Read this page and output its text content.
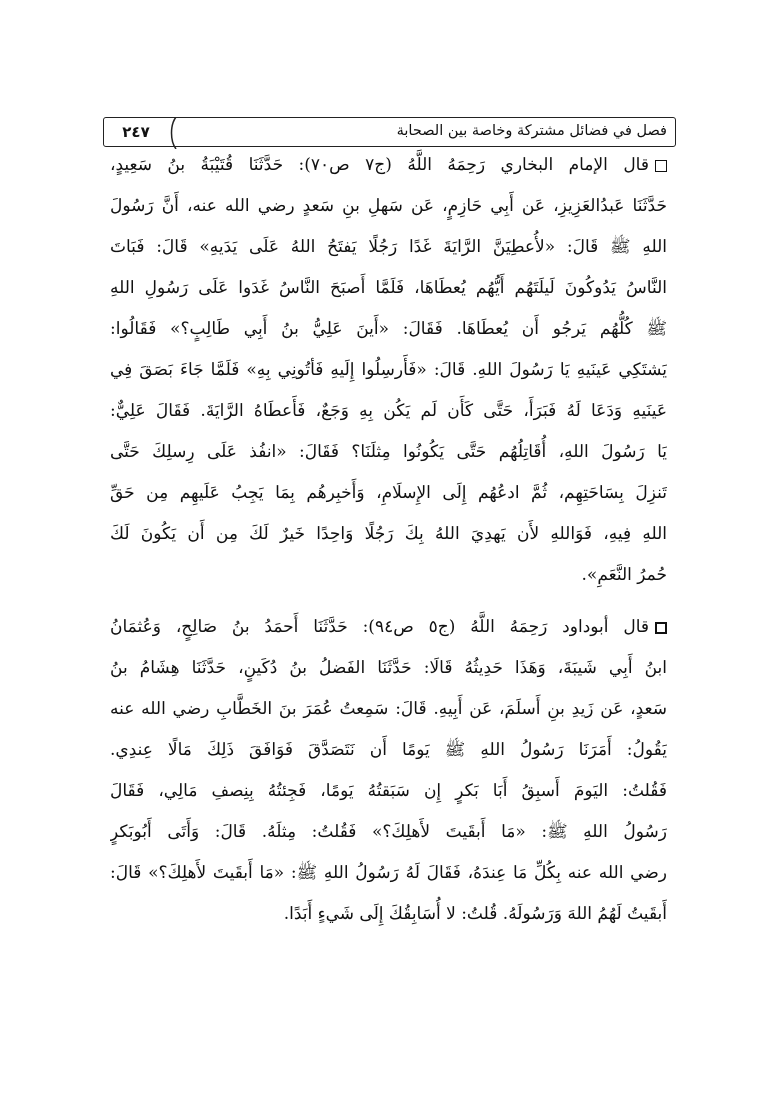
٢٤٧	فصل في فضائل مشتركة وخاصة بين الصحابة
قال الإمام البخاري رَحِمَهُ اللَّهُ (ج٧ ص٧٠): حَدَّثَنَا قُتَيْبَةُ بنُ سَعِيدٍ،
حَدَّثَنَا عَبدُالعَزِيزِ، عَن أَبِي حَازِمٍ، عَن سَهلِ بنِ سَعدٍ رضي الله عنه، أَنَّ رَسُولَ
اللهِ ﷺ قَالَ: «لأُعطِيَنَّ الرَّايَةَ غَدًا رَجُلًا يَفتَحُ اللهُ عَلَى يَدَيهِ» قَالَ: فَبَاتَ
النَّاسُ يَدُوكُونَ لَيلَتَهُم أَيُّهُم يُعطَاهَا، فَلَمَّا أَصبَحَ النَّاسُ غَدَوا عَلَى رَسُولِ اللهِ
ﷺ كُلُّهُم يَرجُو أَن يُعطَاهَا. فَقَالَ: «أَينَ عَلِيُّ بنُ أَبِي طَالِبٍ؟» فَقَالُوا:
يَشتَكِي عَينَيهِ يَا رَسُولَ اللهِ. قَالَ: «فَأَرسِلُوا إِلَيهِ فَأتُونِي بِهِ» فَلَمَّا جَاءَ بَصَقَ فِي
عَينَيهِ وَدَعَا لَهُ فَبَرَأَ، حَتَّى كَأَن لَم يَكُن بِهِ وَجَعٌ، فَأَعطَاهُ الرَّايَةَ. فَقَالَ عَلِيٌّ:
يَا رَسُولَ اللهِ، أُقَاتِلُهُم حَتَّى يَكُونُوا مِثلَنَا؟ فَقَالَ: «انفُذ عَلَى رِسلِكَ حَتَّى
تَنزِلَ بِسَاحَتِهِم، ثُمَّ ادعُهُم إِلَى الإِسلَامِ، وَأَخبِرهُم بِمَا يَجِبُ عَلَيهِم مِن حَقِّ
اللهِ فِيهِ، فَوَاللهِ لأَن يَهدِيَ اللهُ بِكَ رَجُلًا وَاحِدًا خَيرٌ لَكَ مِن أَن يَكُونَ لَكَ
حُمرُ النَّعَمِ».
قال أبوداود رَحِمَهُ اللَّهُ (ج٥ ص٩٤): حَدَّثَنَا أَحمَدُ بنُ صَالِحٍ، وَعُثمَانُ
ابنُ أَبِي شَيبَةَ، وَهَذَا حَدِيثُهُ قَالَا: حَدَّثَنَا الفَضلُ بنُ دُكَينٍ، حَدَّثَنَا هِشَامُ بنُ
سَعدٍ، عَن زَيدِ بنِ أَسلَمَ، عَن أَبِيهِ. قَالَ: سَمِعتُ عُمَرَ بنَ الخَطَّابِ رضي الله عنه
يَقُولُ: أَمَرَنَا رَسُولُ اللهِ ﷺ يَومًا أَن نَتَصَدَّقَ فَوَافَقَ ذَلِكَ مَالًا عِندِي.
فَقُلتُ: اليَومَ أَسبِقُ أَبَا بَكرٍ إِن سَبَقتُهُ يَومًا، فَجِئتُهُ بِنِصفِ مَالِي، فَقَالَ
رَسُولُ اللهِ ﷺ: «مَا أَبقَيتَ لأَهلِكَ؟» فَقُلتُ: مِثلَهُ. قَالَ: وَأَتَى أَبُوبَكرٍ
رضي الله عنه بِكُلِّ مَا عِندَهُ، فَقَالَ لَهُ رَسُولُ اللهِ ﷺ: «مَا أَبقَيتَ لأَهلِكَ؟» قَالَ:
أَبقَيتُ لَهُمُ اللهَ وَرَسُولَهُ. قُلتُ: لا أُسَابِقُكَ إِلَى شَيءٍ أَبَدًا.
